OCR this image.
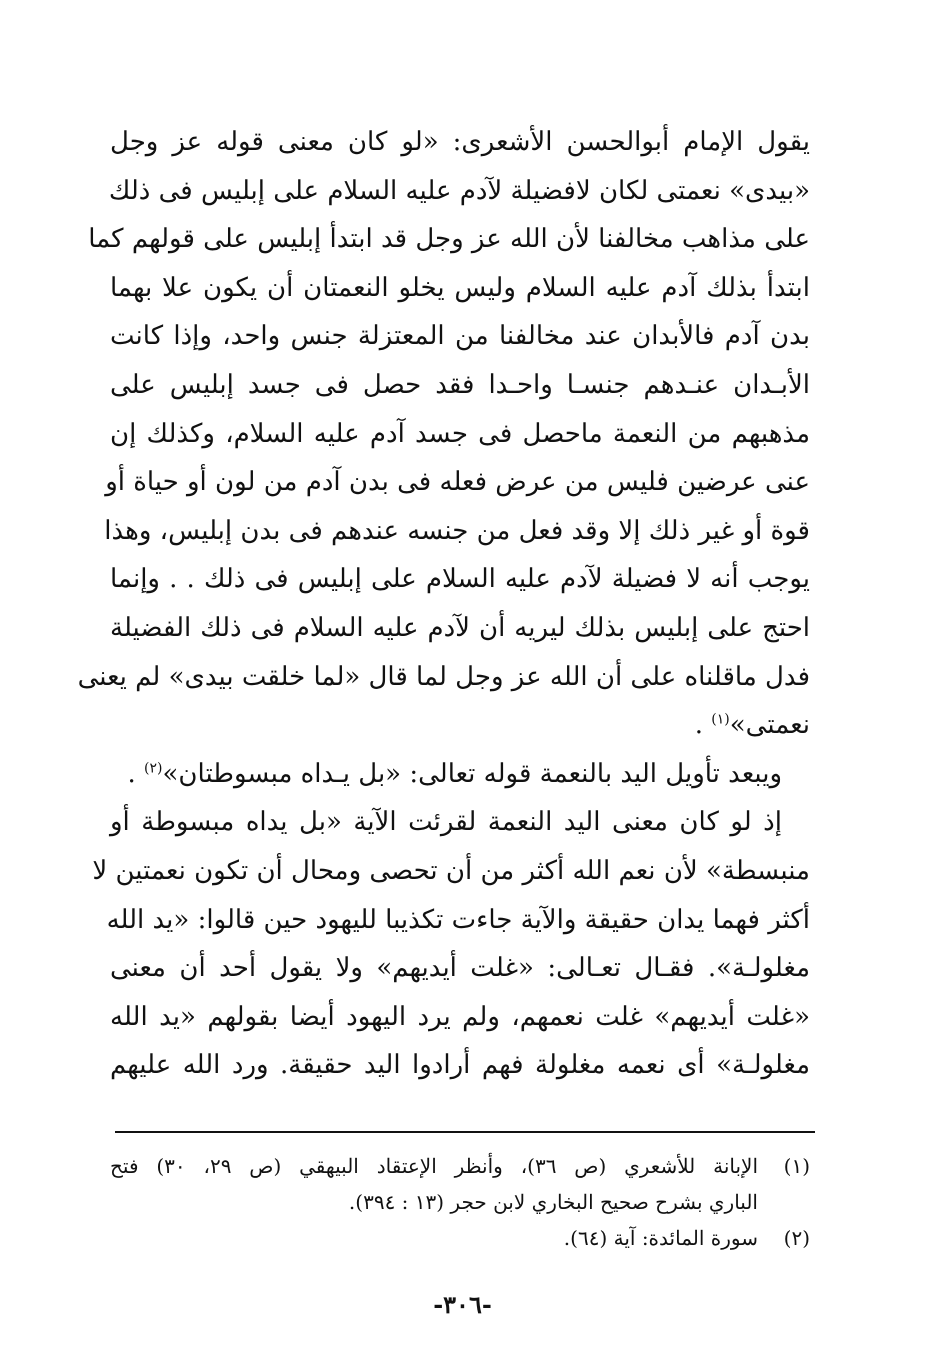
يقول الإمام أبوالحسن الأشعرى: «لو كان معنى قوله عز وجل
«بيدى» نعمتى لكان لافضيلة لآدم عليه السلام على إبليس فى ذلك
على مذاهب مخالفنا لأن الله عز وجل قد ابتدأ إبليس على قولهم كما
ابتدأ بذلك آدم عليه السلام وليس يخلو النعمتان أن يكون علا بهما
بدن آدم فالأبدان عند مخالفنا من المعتزلة جنس واحد، وإذا كانت
الأبـدان عنـدهم جنسـا واحـدا فقد حصل فى جسد إبليس على
مذهبهم من النعمة ماحصل فى جسد آدم عليه السلام، وكذلك إن
عنى عرضين فليس من عرض فعله فى بدن آدم من لون أو حياة أو
قوة أو غير ذلك إلا وقد فعل من جنسه عندهم فى بدن إبليس، وهذا
يوجب أنه لا فضيلة لآدم عليه السلام على إبليس فى ذلك . . وإنما
احتج على إبليس بذلك ليريه أن لآدم عليه السلام فى ذلك الفضيلة
فدل ماقلناه على أن الله عز وجل لما قال «لما خلقت بيدى» لم يعنى
نعمتى»$^{(١)}$ .
ويبعد تأويل اليد بالنعمة قوله تعالى: «بل يـداه مبسوطتان»$^{(٢)}$ .
إذ لو كان معنى اليد النعمة لقرئت الآية «بل يداه مبسوطة أو
منبسطة» لأن نعم الله أكثر من أن تحصى ومحال أن تكون نعمتين لا
أكثر فهما يدان حقيقة والآية جاءت تكذيبا لليهود حين قالوا: «يد الله
مغلولـة». فقـال تعـالى: «غلت أيديهم» ولا يقول أحد أن معنى
«غلت أيديهم» غلت نعمهم، ولم يرد اليهود أيضا بقولهم «يد الله
مغلولـة» أى نعمه مغلولة فهم أرادوا اليد حقيقة. ورد الله عليهم
(١)الإبانة للأشعري (ص ٣٦)، وأنظر الإعتقاد البيهقي (ص ٢٩، ٣٠) فتح
الباري بشرح صحيح البخاري لابن حجر (١٣ : ٣٩٤).
(٢)سورة المائدة: آية (٦٤).
-٣٠٦-
